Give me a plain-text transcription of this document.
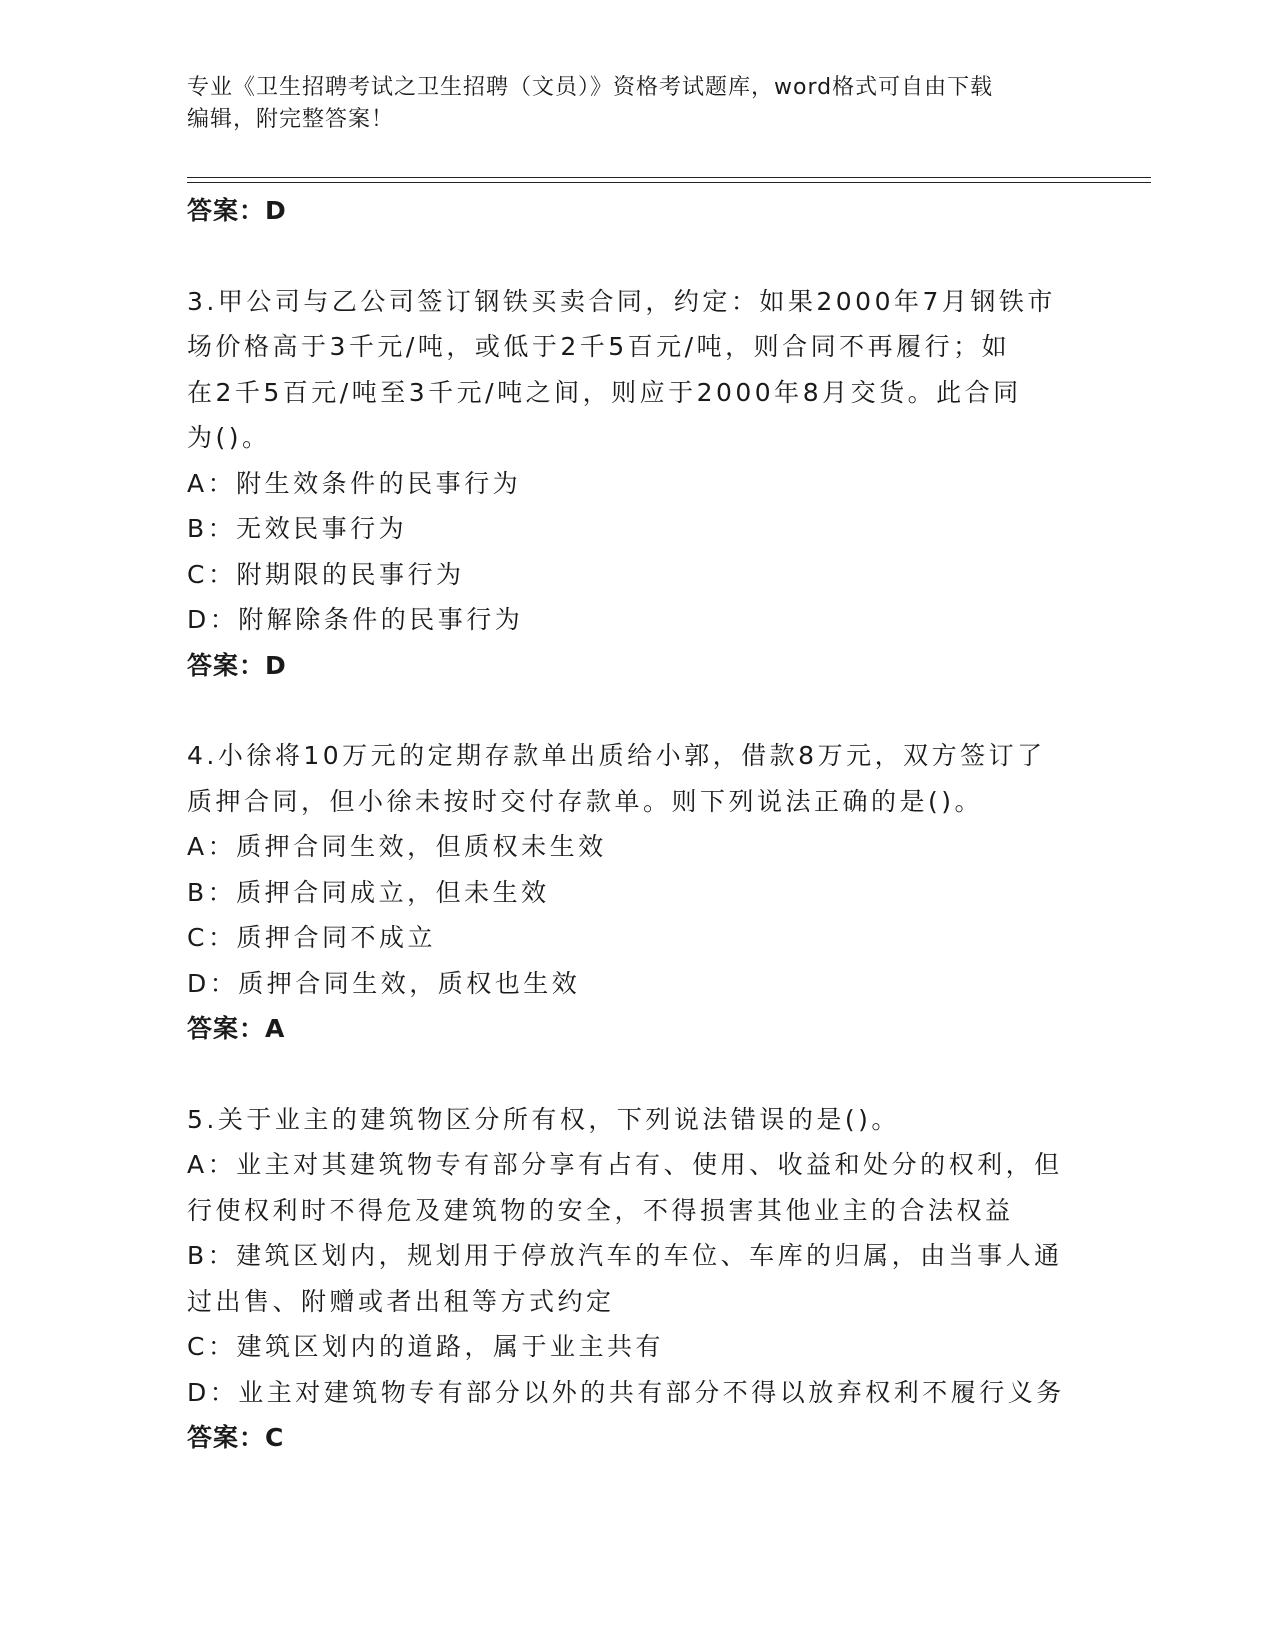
专业《卫生招聘考试之卫生招聘（文员）》资格考试题库，word格式可自由下载
编辑，附完整答案！
答案：D
3.甲公司与乙公司签订钢铁买卖合同，约定：如果2000年7月钢铁市
场价格高于3千元/吨，或低于2千5百元/吨，则合同不再履行；如
在2千5百元/吨至3千元/吨之间，则应于2000年8月交货。此合同
为()。
A：附生效条件的民事行为
B：无效民事行为
C：附期限的民事行为
D：附解除条件的民事行为
答案：D
4.小徐将10万元的定期存款单出质给小郭，借款8万元，双方签订了
质押合同，但小徐未按时交付存款单。则下列说法正确的是()。
A：质押合同生效，但质权未生效
B：质押合同成立，但未生效
C：质押合同不成立
D：质押合同生效，质权也生效
答案：A
5.关于业主的建筑物区分所有权，下列说法错误的是()。
A：业主对其建筑物专有部分享有占有、使用、收益和处分的权利，但
行使权利时不得危及建筑物的安全，不得损害其他业主的合法权益
B：建筑区划内，规划用于停放汽车的车位、车库的归属，由当事人通
过出售、附赠或者出租等方式约定
C：建筑区划内的道路，属于业主共有
D：业主对建筑物专有部分以外的共有部分不得以放弃权利不履行义务
答案：C
